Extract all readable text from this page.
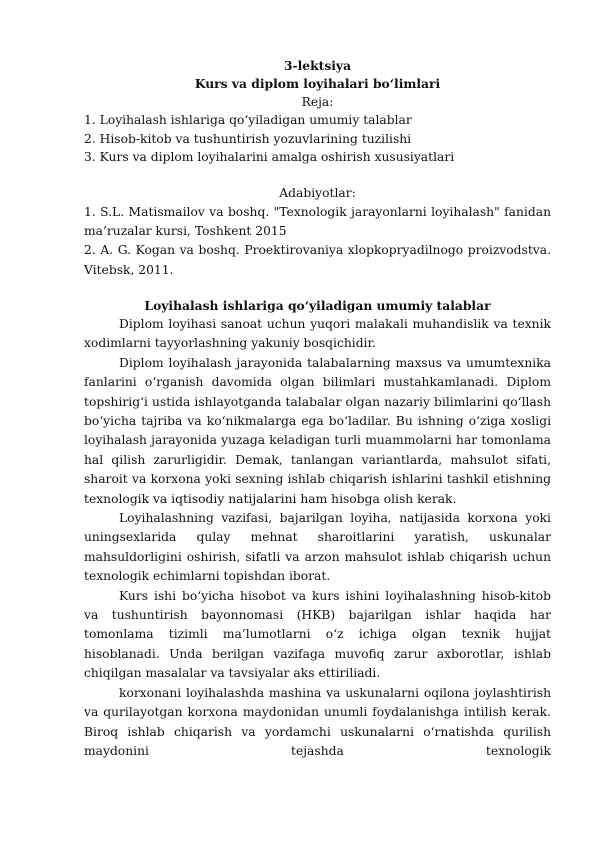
3-lektsiya
Kurs va diplom loyihalari bo‘limlari
Reja:
1. Loyihalash ishlariga qo‘yiladigan umumiy talablar
2. Hisob-kitob va tushuntirish yozuvlarining tuzilishi
3. Kurs va diplom loyihalarini amalga oshirish xususiyatlari
Adabiyotlar:

1. S.L. Matismailov va boshq. "Texnologik jarayonlarni loyihalash" fanidan ma’ruzalar kursi, Toshkent 2015

2. A. G. Kogan va boshq. Proektirovaniya xlopkopryadilnogo proizvodstva. Vitebsk, 2011.

Loyihalash ishlariga qo‘yiladigan umumiy talablar

Diplom loyihasi sanoat uchun yuqori malakali muhandislik va texnik xodimlarni tayyorlashning yakuniy bosqichidir.

Diplom loyihalash jarayonida talabalarning maxsus va umumtexnika fanlarini o‘rganish davomida olgan bilimlari mustahkamlanadi. Diplom topshirig‘i ustida ishlayotganda talabalar olgan nazariy bilimlarini qo‘llash bo‘yicha tajriba va ko‘nikmalarga ega bo‘ladilar. Bu ishning o‘ziga xosligi loyihalash jarayonida yuzaga keladigan turli muammolarni har tomonlama hal qilish zarurligidir. Demak, tanlangan variantlarda, mahsulot sifati, sharoit va korxona yoki sexning ishlab chiqarish ishlarini tashkil etishning texnologik va iqtisodiy natijalarini ham hisobga olish kerak.

Loyihalashning vazifasi, bajarilgan loyiha, natijasida korxona yoki uningsexlarida qulay mehnat sharoitlarini yaratish, uskunalar mahsuldorligini oshirish, sifatli va arzon mahsulot ishlab chiqarish uchun texnologik echimlarni topishdan iborat.

Kurs ishi bo‘yicha hisobot va kurs ishini loyihalashning hisob-kitob va tushuntirish bayonnomasi (HKB) bajarilgan ishlar haqida har tomonlama tizimli ma’lumotlarni o‘z ichiga olgan texnik hujjat hisoblanadi. Unda berilgan vazifaga muvofiq zarur axborotlar, ishlab chiqilgan masalalar va tavsiyalar aks ettiriliadi.

korxonani loyihalashda mashina va uskunalarni oqilona joylashtirish va qurilayotgan korxona maydonidan unumli foydalanishga intilish kerak. Biroq ishlab chiqarish va yordamchi uskunalarni o‘rnatishda qurilish maydonini tejashda texnologik
